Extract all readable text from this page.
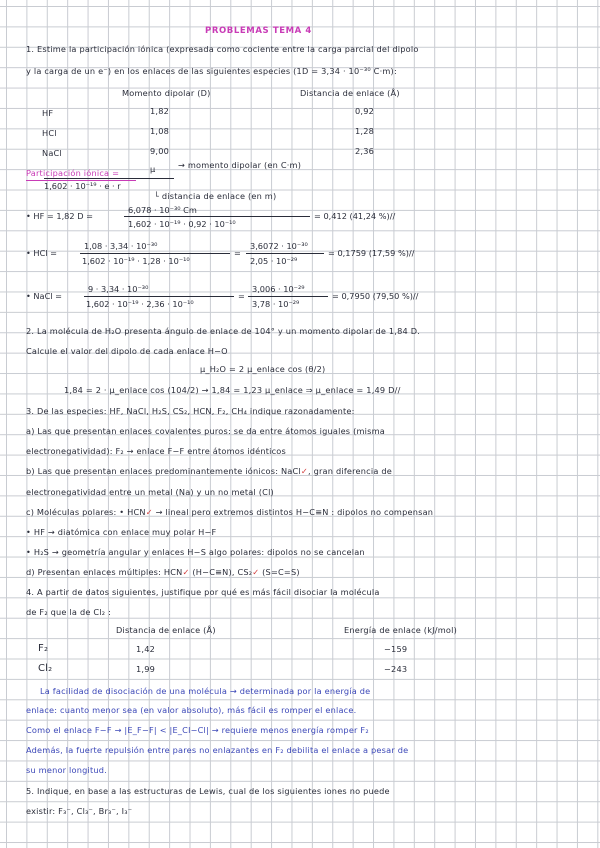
PROBLEMAS TEMA 4
1. Estime la participación iónica (expresada como cociente entre la carga parcial del dipolo
y la carga de un e⁻) en los enlaces de las siguientes especies (1D = 3,34 · 10⁻³⁰ C·m):
Momento dipolar (D)	Distancia de enlace (Å)
HF	1,82	0,92
HCl	1,08	1,28
NaCl	9,00	2,36
Participación iónica =	μ
1,602 · 10⁻¹⁹ · e · r
→ momento dipolar (en C·m)
└ distancia de enlace (en m)
• HF = 1,82 D =
6,078 · 10⁻³⁰ Cm
1,602 · 10⁻¹⁹ · 0,92 · 10⁻¹⁰
= 0,412 (41,24 %)//
• HCl =
1,08 · 3,34 · 10⁻³⁰
1,602 · 10⁻¹⁹ · 1,28 · 10⁻¹⁰
=
3,6072 · 10⁻³⁰
2,05 · 10⁻²⁹
= 0,1759 (17,59 %)//
• NaCl =
9 · 3,34 · 10⁻³⁰
1,602 · 10⁻¹⁹ · 2,36 · 10⁻¹⁰
=
3,006 · 10⁻²⁹
3,78 · 10⁻²⁹
= 0,7950 (79,50 %)//
2. La molécula de H₂O presenta ángulo de enlace de 104° y un momento dipolar de 1,84 D.
Calcule el valor del dipolo de cada enlace H−O
μ_H₂O = 2 μ_enlace cos (θ/2)
1,84 = 2 · μ_enlace cos (104/2) → 1,84 = 1,23 μ_enlace ⇒ μ_enlace = 1,49 D//
3. De las especies: HF, NaCl, H₂S, CS₂, HCN, F₂, CH₄ indique razonadamente:
a) Las que presentan enlaces covalentes puros: se da entre átomos iguales (misma
electronegatividad): F₂ → enlace F−F entre átomos idénticos
b) Las que presentan enlaces predominantemente iónicos: NaCl✓, gran diferencia de
electronegatividad entre un metal (Na) y un no metal (Cl)
c) Moléculas polares: • HCN✓ → lineal pero extremos distintos H−C≡N : dipolos no compensan
• HF → diatómica con enlace muy polar H−F
• H₂S → geometría angular y enlaces H−S algo polares: dipolos no se cancelan
d) Presentan enlaces múltiples: HCN✓ (H−C≡N), CS₂✓ (S=C=S)
4. A partir de datos siguientes, justifique por qué es más fácil disociar la molécula
de F₂ que la de Cl₂ :
Distancia de enlace (Å)	Energía de enlace (kJ/mol)
F₂	1,42	−159
Cl₂	1,99	−243
La facilidad de disociación de una molécula → determinada por la energía de
enlace: cuanto menor sea (en valor absoluto), más fácil es romper el enlace.
Como el enlace F−F → |E_F−F| < |E_Cl−Cl| → requiere menos energía romper F₂
Además, la fuerte repulsión entre pares no enlazantes en F₂ debilita el enlace a pesar de
su menor longitud.
5. Indique, en base a las estructuras de Lewis, cual de los siguientes iones no puede
existir: F₃⁻, Cl₃⁻, Br₃⁻, I₃⁻
